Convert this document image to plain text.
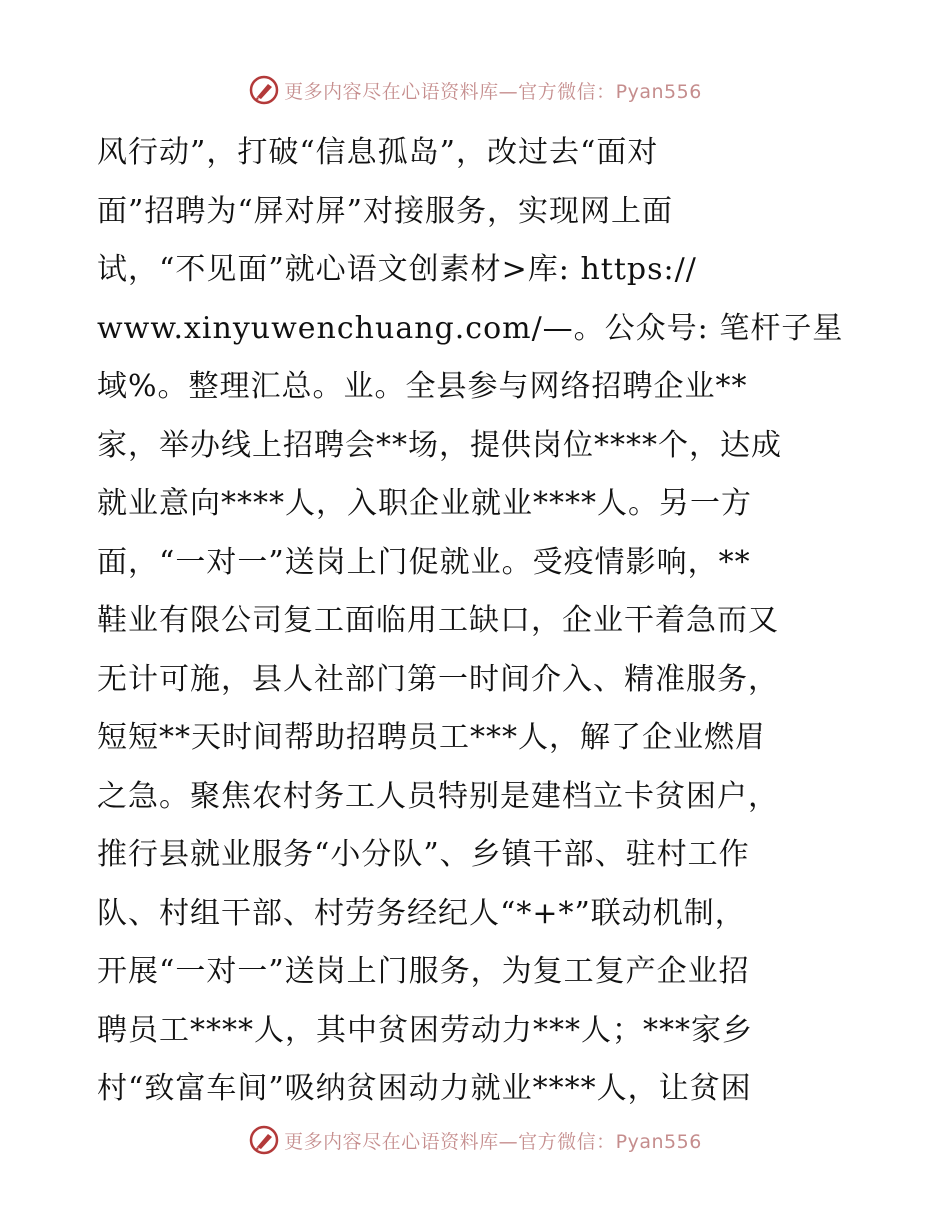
更多内容尽在心语资料库—官方微信：Pyan556
风行动”，打破“信息孤岛”，改过去“面对
面”招聘为“屏对屏”对接服务，实现网上面
试，“不见面”就心语文创素材>库: https://
www.xinyuwenchuang.com/—。公众号: 笔杆子星
域%。整理汇总。业。全县参与网络招聘企业**
家，举办线上招聘会**场，提供岗位****个，达成
就业意向****人，入职企业就业****人。另一方
面，“一对一”送岗上门促就业。受疫情影响，**
鞋业有限公司复工面临用工缺口，企业干着急而又
无计可施，县人社部门第一时间介入、精准服务，
短短**天时间帮助招聘员工***人，解了企业燃眉
之急。聚焦农村务工人员特别是建档立卡贫困户，
推行县就业服务“小分队”、乡镇干部、驻村工作
队、村组干部、村劳务经纪人“*+*”联动机制，
开展“一对一”送岗上门服务，为复工复产企业招
聘员工****人，其中贫困劳动力***人；***家乡
村“致富车间”吸纳贫困动力就业****人，让贫困
更多内容尽在心语资料库—官方微信：Pyan556
